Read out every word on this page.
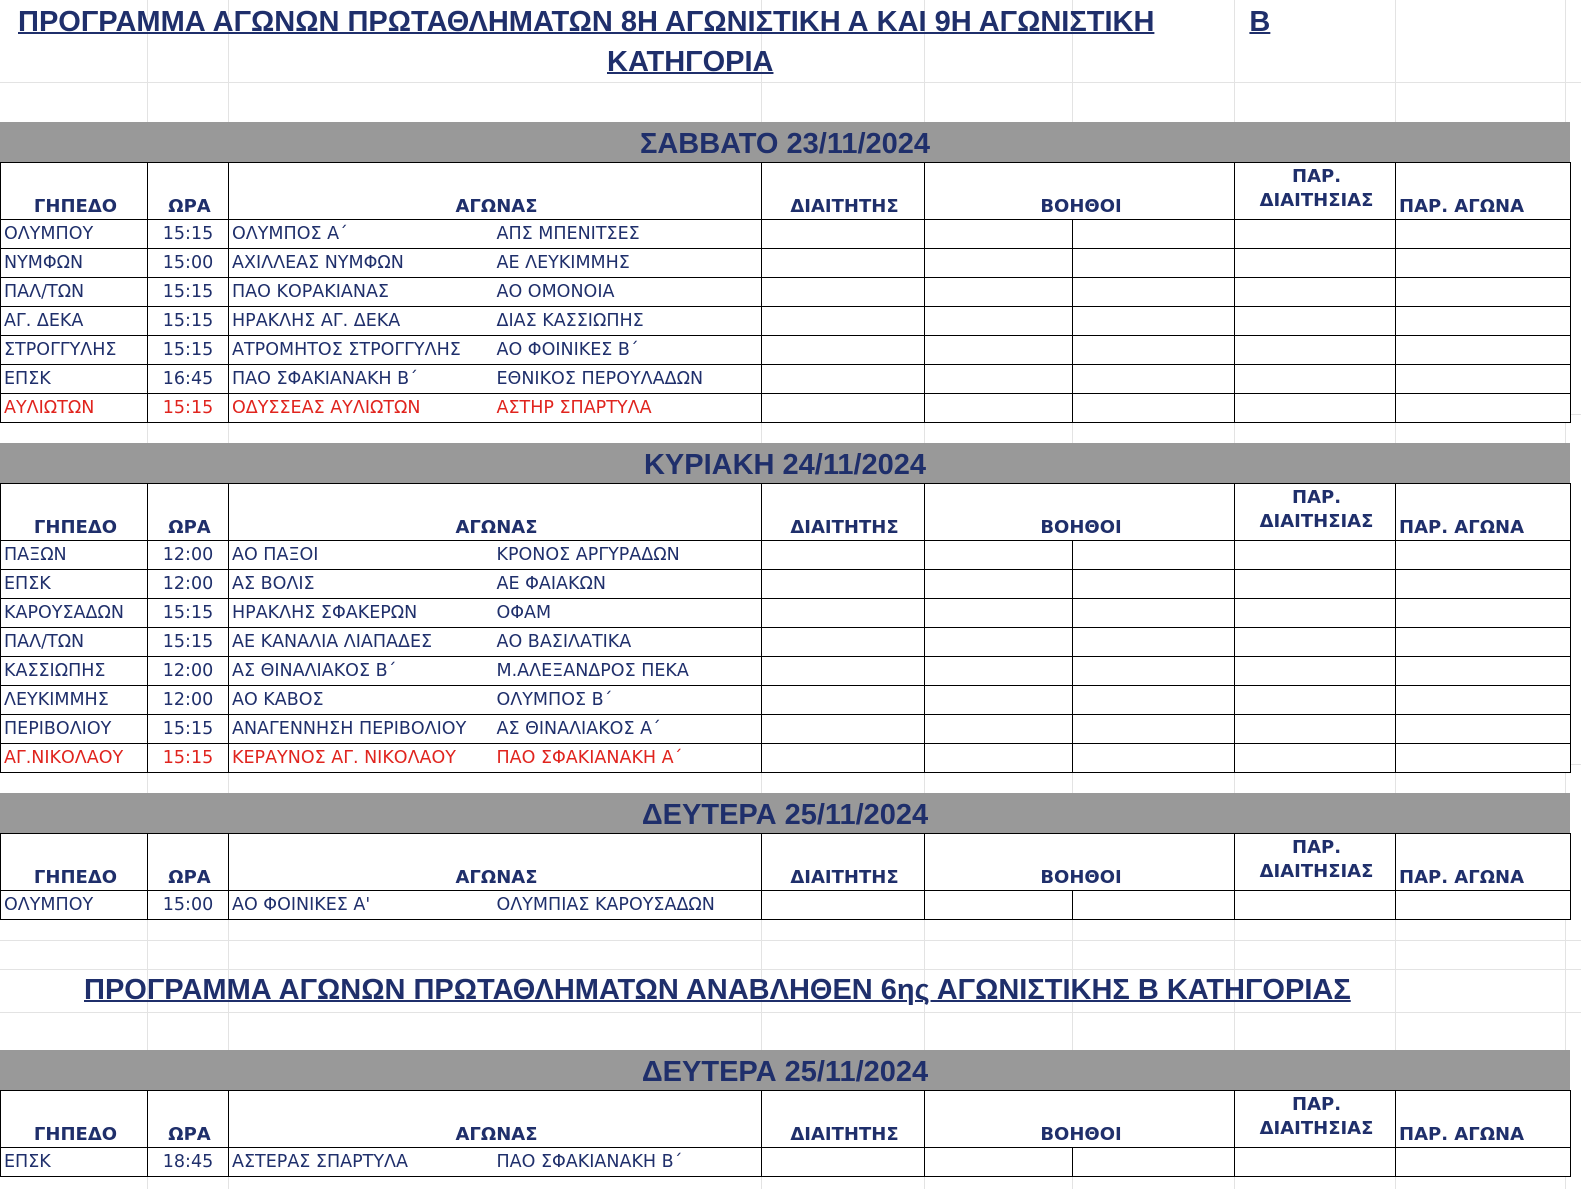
ΠΡΟΓΡΑΜΜΑ ΑΓΩΝΩΝ ΠΡΩΤΑΘΛΗΜΑΤΩΝ 8Η ΑΓΩΝΙΣΤΙΚΗ Α ΚΑΙ 9Η ΑΓΩΝΙΣΤΙΚΗ	Β
ΚΑΤΗΓΟΡΙΑ
ΣΑΒΒΑΤΟ 23/11/2024
ΓΗΠΕΔΟ	ΩΡΑ	ΑΓΩΝΑΣ		ΔΙΑΙΤΗΤΗΣ	ΒΟΗΘΟΙ		ΠΑΡ.
ΔΙΑΙΤΗΣΙΑΣ	ΠΑΡ. ΑΓΩΝΑ
ΟΛΥΜΠΟΥ	15:15	ΟΛΥΜΠΟΣ Α΄	ΑΠΣ ΜΠΕΝΙΤΣΕΣ					
ΝΥΜΦΩΝ	15:00	ΑΧΙΛΛΕΑΣ ΝΥΜΦΩΝ	ΑΕ ΛΕΥΚΙΜΜΗΣ					
ΠΑΛ/ΤΩΝ	15:15	ΠΑΟ ΚΟΡΑΚΙΑΝΑΣ	ΑΟ ΟΜΟΝΟΙΑ					
ΑΓ. ΔΕΚΑ	15:15	ΗΡΑΚΛΗΣ ΑΓ. ΔΕΚΑ	ΔΙΑΣ ΚΑΣΣΙΩΠΗΣ					
ΣΤΡΟΓΓΥΛΗΣ	15:15	ΑΤΡΟΜΗΤΟΣ ΣΤΡΟΓΓΥΛΗΣ	ΑΟ ΦΟΙΝΙΚΕΣ Β΄					
ΕΠΣΚ	16:45	ΠΑΟ ΣΦΑΚΙΑΝΑΚΗ Β΄	ΕΘΝΙΚΟΣ ΠΕΡΟΥΛΑΔΩΝ					
ΑΥΛΙΩΤΩΝ	15:15	ΟΔΥΣΣΕΑΣ ΑΥΛΙΩΤΩΝ	ΑΣΤΗΡ ΣΠΑΡΤΥΛΑ					
ΚΥΡΙΑΚΗ 24/11/2024
ΓΗΠΕΔΟ	ΩΡΑ	ΑΓΩΝΑΣ		ΔΙΑΙΤΗΤΗΣ	ΒΟΗΘΟΙ		ΠΑΡ.
ΔΙΑΙΤΗΣΙΑΣ	ΠΑΡ. ΑΓΩΝΑ
ΠΑΞΩΝ	12:00	ΑΟ ΠΑΞΟΙ	ΚΡΟΝΟΣ ΑΡΓΥΡΑΔΩΝ					
ΕΠΣΚ	12:00	ΑΣ ΒΟΛΙΣ	ΑΕ ΦΑΙΑΚΩΝ					
ΚΑΡΟΥΣΑΔΩΝ	15:15	ΗΡΑΚΛΗΣ ΣΦΑΚΕΡΩΝ	ΟΦΑΜ					
ΠΑΛ/ΤΩΝ	15:15	ΑΕ ΚΑΝΑΛΙΑ ΛΙΑΠΑΔΕΣ	ΑΟ ΒΑΣΙΛΑΤΙΚΑ					
ΚΑΣΣΙΩΠΗΣ	12:00	ΑΣ ΘΙΝΑΛΙΑΚΟΣ Β΄	Μ.ΑΛΕΞΑΝΔΡΟΣ ΠΕΚΑ					
ΛΕΥΚΙΜΜΗΣ	12:00	ΑΟ ΚΑΒΟΣ	ΟΛΥΜΠΟΣ Β΄					
ΠΕΡΙΒΟΛΙΟΥ	15:15	ΑΝΑΓΕΝΝΗΣΗ ΠΕΡΙΒΟΛΙΟΥ	ΑΣ ΘΙΝΑΛΙΑΚΟΣ Α΄					
ΑΓ.ΝΙΚΟΛΑΟΥ	15:15	ΚΕΡΑΥΝΟΣ ΑΓ. ΝΙΚΟΛΑΟΥ	ΠΑΟ ΣΦΑΚΙΑΝΑΚΗ Α΄					
ΔΕΥΤΕΡΑ 25/11/2024
ΓΗΠΕΔΟ	ΩΡΑ	ΑΓΩΝΑΣ		ΔΙΑΙΤΗΤΗΣ	ΒΟΗΘΟΙ		ΠΑΡ.
ΔΙΑΙΤΗΣΙΑΣ	ΠΑΡ. ΑΓΩΝΑ
ΟΛΥΜΠΟΥ	15:00	ΑΟ ΦΟΙΝΙΚΕΣ Α'	ΟΛΥΜΠΙΑΣ ΚΑΡΟΥΣΑΔΩΝ					
ΔΕΥΤΕΡΑ 25/11/2024
ΓΗΠΕΔΟ	ΩΡΑ	ΑΓΩΝΑΣ		ΔΙΑΙΤΗΤΗΣ	ΒΟΗΘΟΙ		ΠΑΡ.
ΔΙΑΙΤΗΣΙΑΣ	ΠΑΡ. ΑΓΩΝΑ
ΕΠΣΚ	18:45	ΑΣΤΕΡΑΣ ΣΠΑΡΤΥΛΑ	ΠΑΟ ΣΦΑΚΙΑΝΑΚΗ Β΄					
ΠΡΟΓΡΑΜΜΑ ΑΓΩΝΩΝ ΠΡΩΤΑΘΛΗΜΑΤΩΝ ΑΝΑΒΛΗΘΕΝ 6ης ΑΓΩΝΙΣΤΙΚΗΣ Β ΚΑΤΗΓΟΡΙΑΣ
